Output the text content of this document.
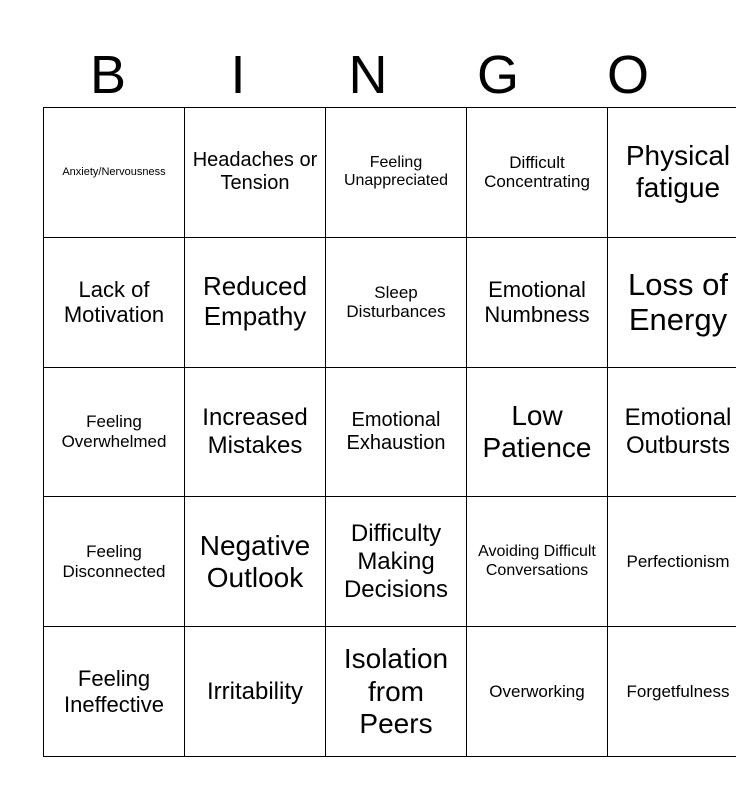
B	I	N	G	O
Anxiety/Nervousness	Headaches or Tension	Feeling Unappreciated	Difficult Concentrating	Physical fatigue
Lack of Motivation	Reduced Empathy	Sleep Disturbances	Emotional Numbness	Loss of Energy
Feeling Overwhelmed	Increased Mistakes	Emotional Exhaustion	Low Patience	Emotional Outbursts
Feeling Disconnected	Negative Outlook	Difficulty Making Decisions	Avoiding Difficult Conversations	Perfectionism
Feeling Ineffective	Irritability	Isolation from Peers	Overworking	Forgetfulness
